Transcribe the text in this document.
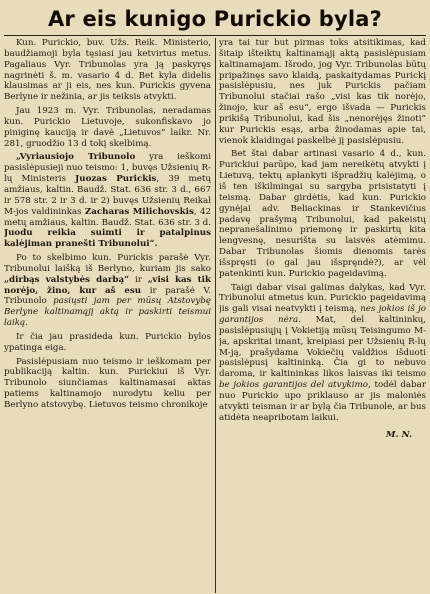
Ar eis kunigo Purickio byla?

Kun. Purickio, buv. Užs. Reik. Ministerio, baudžiamoji byla tęsiasi jau ketvirtus metus. Pagaliaus Vyr. Tribunolas yra ją paskyręs nagrinėti š. m. vasario 4 d. Bet kyla didelis klausimas ar ji eis, nes kun. Purickis gyvena Berlyne ir nežinia, ar jis teiksis atvykti.

Jau 1923 m. Vyr. Tribunolas, neradamas kun. Purickio Lietuvoje, sukonfiskavo jo piniginę kauciją ir davė „Lietuvos“ laikr. Nr. 281, gruodžio 13 d tokį skelbimą.

„Vyriausiojo Tribunolo yra ieškomi pasislėpusieji nuo teismo: 1, buvęs Užsienių R-lų Ministeris Juozas Purickis, 39 metų amžiaus, kaltin. Baudž. Stat. 636 str. 3 d., 667 ir 578 str. 2 ir 3 d. ir 2) buvęs Užsienių Reikal M-jos valdininkas Zacharas Milichovskis, 42 metų amžiaus, kaltin. Baudž. Stat. 636 str. 3 d. Juodu reikia suimti ir patalpinus kalėjiman pranešti Tribunolui“.

Po to skelbimo kun. Purickis parašė Vyr. Tribunolui laišką iš Berlyno, kuriam jis sako „dirbąs valstybės darbą“ ir „visi kas tik norėjo, žino, kur aš esu ir parašė V. Tribunolo pasiųsti jam per mūsų Atstovybę Berlyne kaltinamąjį aktą ir paskirti teismui laiką.

Ir čia jau prasideda kun. Purickio bylos ypatinga eiga.

Pasislėpusiam nuo teismo ir ieškomam per publikaciją kaltin. kun. Purickiui iš Vyr. Tribunolo siunčiamas kaltinamasai aktas patiems kaltinamojo nurodytu keliu per Berlyno atstovybę. Lietuvos teismo chronikoje

yra tai tur but pirmas toks atsitikimas, kad šitaip išteiktų kaltinamąjį aktą pasislėpusiam kaltinamajam. Išrodo, jog Vyr. Tribunolas būtų pripažinęs savo klaidą, paskaitydamas Purickį pasislėpusiu, nes juk Purickis pačiam Tribunolui stačiai rašo „visi kas tik norėjo, žinojo, kur aš esu“, ergo išvada — Purickis prikišą Tribunolui, kad šis „nenorėjęs žinoti“ kur Purickis esąs, arba žinodamas apie tai, vienok klaidingai paskelbė jį pasislėpusiu.

Bet štai dabar artinasi vasario 4 d., kun. Purickiui parūpo, kad jam nereikėtų atvykti į Lietuvą, tektų aplankyti išpradžių kalėjimą, o iš ten iškilmingai su sargyba prisistatyti į teismą. Dabar girdėtis, kad kun. Purickio gynėjai adv. Beliackinas ir Stankevičius padavę prašymą Tribunolui, kad pakeistų nepranešalinimo priemonę ir paskirtų kita lengvesnę, nesurišta su laisvės atėmimu. Dabar Tribunolas šiomis dienomis tarės išspręsti (o gal jau išspręndė?), ar vėl patenkinti kun. Purickio pageidavimą.

Taigi dabar visai galimas dalykas, kad Vyr. Tribunolui atmetus kun. Purickio pageidavimą jis gali visai neatvykti į teismą, nes jokios iš jo garantijos nėra. Mat, del kaltininkų, pasislėpusiųjų į Vokietiją mūsų Teisingumo M-ja, apskritai imant, kreipiasi per Užsienių R-lų M-ją, prašydama Vokiečių valdžios išduoti pasislėpusį kaltininką. Čia gi to nebuvo daroma, ir kaltininkas likos laisvas iki teismo be jokios garantijos del atvykimo, todėl dabar nuo Purickio upo priklauso ar jis maloniės atvykti teisman ir ar bylą čia Tribunole, ar bus atidėta neapribotam laikui.

M. N.
